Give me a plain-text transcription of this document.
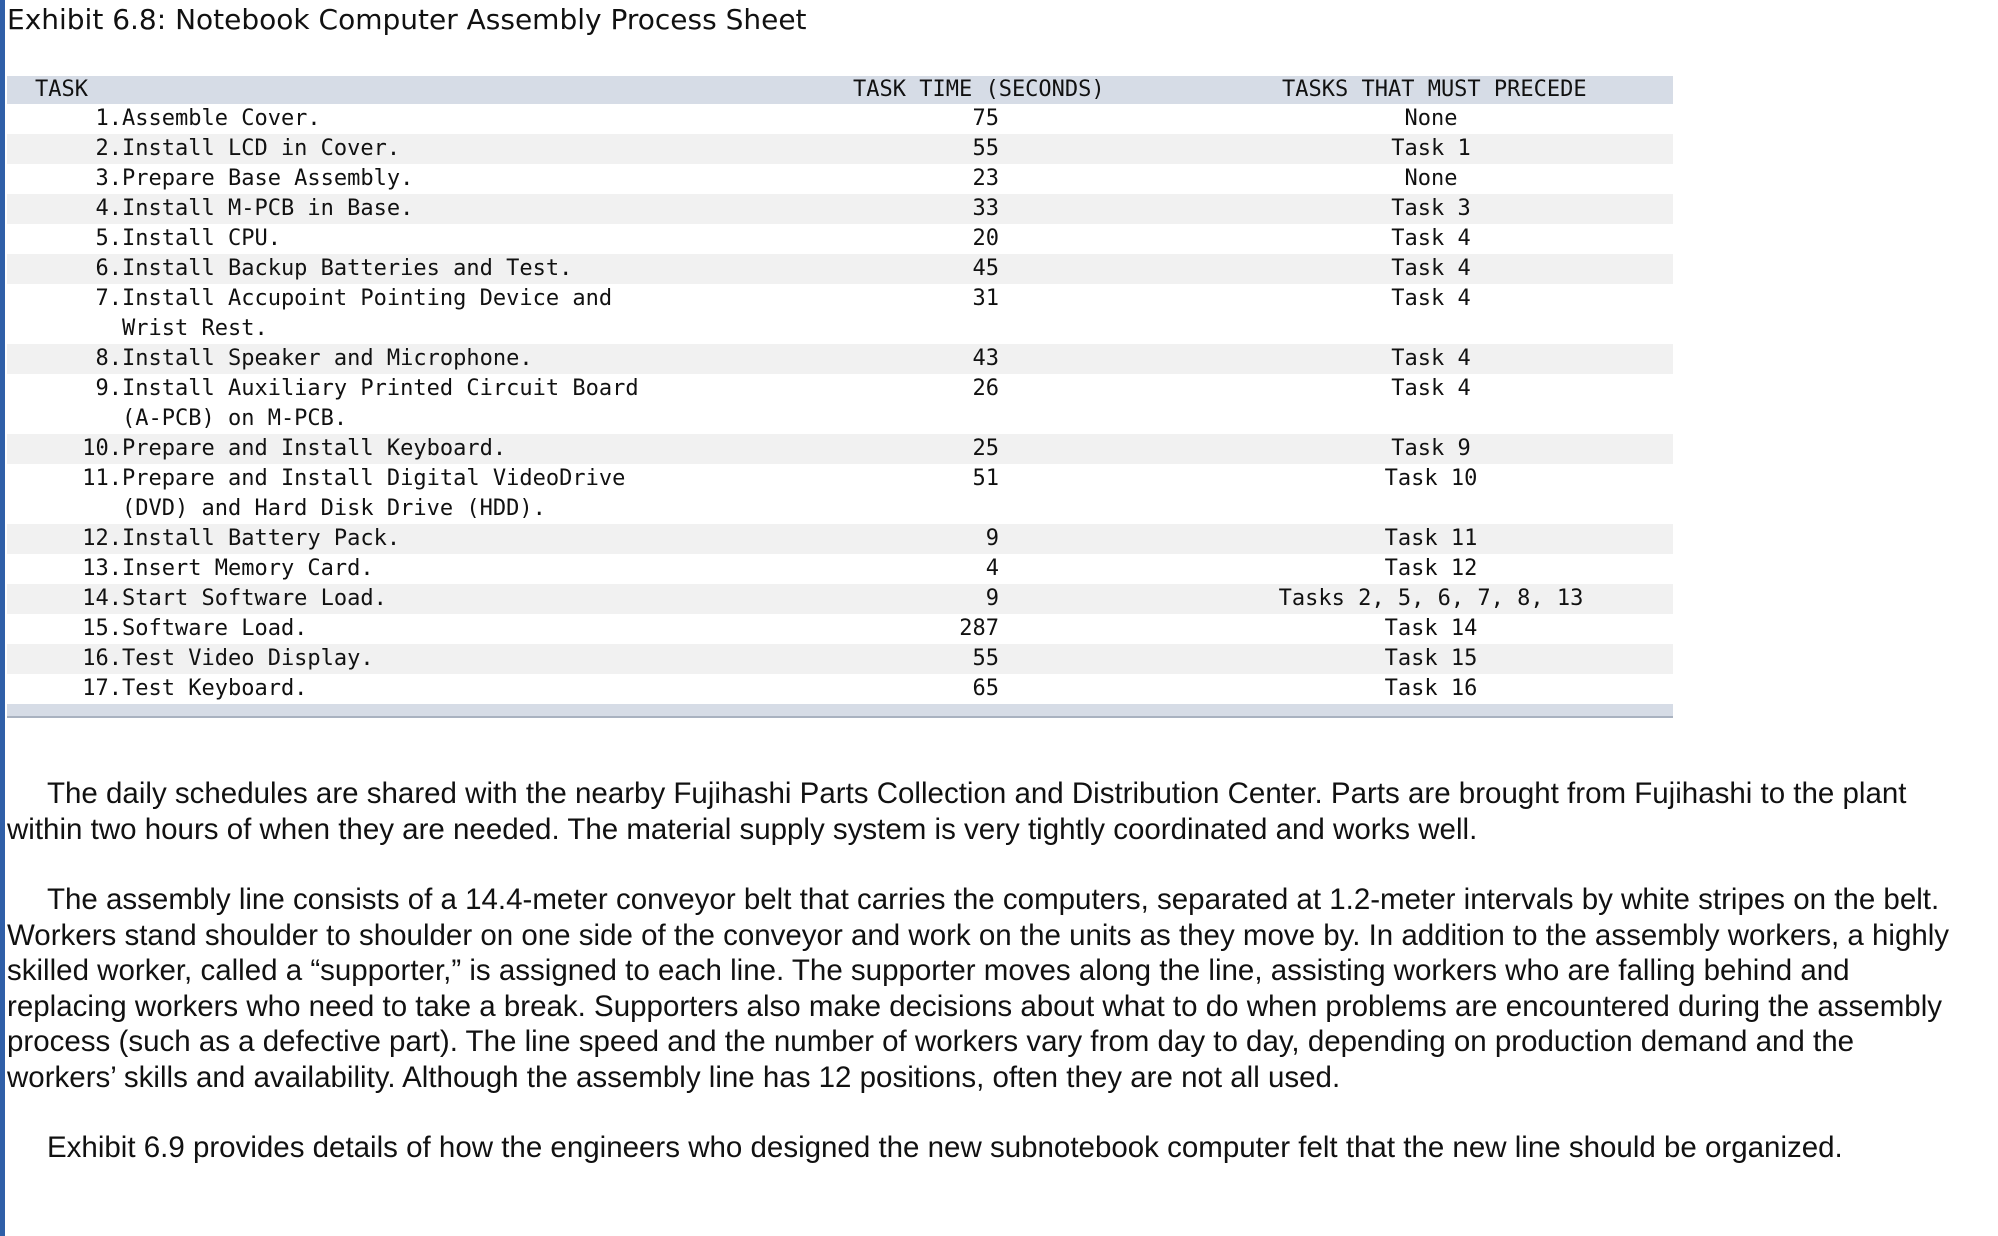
Exhibit 6.8: Notebook Computer Assembly Process Sheet
TASK		TASK TIME (SECONDS)	TASKS THAT MUST PRECEDE
1.	Assemble Cover.	75	None
2.	Install LCD in Cover.	55	Task 1
3.	Prepare Base Assembly.	23	None
4.	Install M-PCB in Base.	33	Task 3
5.	Install CPU.	20	Task 4
6.	Install Backup Batteries and Test.	45	Task 4
7.	Install Accupoint Pointing Device and
Wrist Rest.	31	Task 4
8.	Install Speaker and Microphone.	43	Task 4
9.	Install Auxiliary Printed Circuit Board
(A-PCB) on M-PCB.	26	Task 4
10.	Prepare and Install Keyboard.	25	Task 9
11.	Prepare and Install Digital VideoDrive
(DVD) and Hard Disk Drive (HDD).	51	Task 10
12.	Install Battery Pack.	9	Task 11
13.	Insert Memory Card.	4	Task 12
14.	Start Software Load.	9	Tasks 2, 5, 6, 7, 8, 13
15.	Software Load.	287	Task 14
16.	Test Video Display.	55	Task 15
17.	Test Keyboard.	65	Task 16

The daily schedules are shared with the nearby Fujihashi Parts Collection and Distribution Center. Parts are brought from Fujihashi to the plant within two hours of when they are needed. The material supply system is very tightly coordinated and works well.

The assembly line consists of a 14.4-meter conveyor belt that carries the computers, separated at 1.2-meter intervals by white stripes on the belt. Workers stand shoulder to shoulder on one side of the conveyor and work on the units as they move by. In addition to the assembly workers, a highly skilled worker, called a “supporter,” is assigned to each line. The supporter moves along the line, assisting workers who are falling behind and replacing workers who need to take a break. Supporters also make decisions about what to do when problems are encountered during the assembly process (such as a defective part). The line speed and the number of workers vary from day to day, depending on production demand and the workers’ skills and availability. Although the assembly line has 12 positions, often they are not all used.

Exhibit 6.9 provides details of how the engineers who designed the new subnotebook computer felt that the new line should be organized.
